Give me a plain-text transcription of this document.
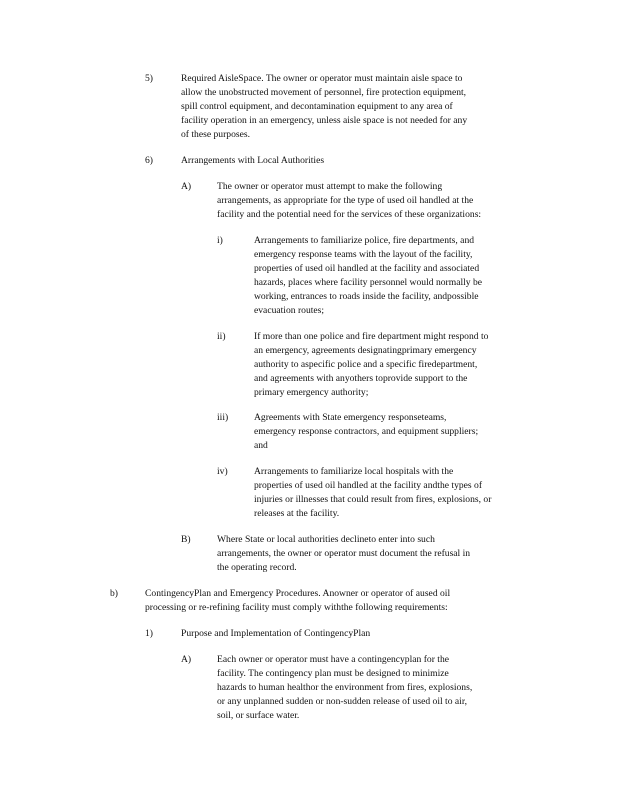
5)	Required AisleSpace. The owner or operator must maintain aisle space to
allow the unobstructed movement of personnel, fire protection equipment,
spill control equipment, and decontamination equipment to any area of
facility operation in an emergency, unless aisle space is not needed for any
of these purposes.
6)	Arrangements with Local Authorities
A)	The owner or operator must attempt to make the following
arrangements, as appropriate for the type of used oil handled at the
facility and the potential need for the services of these organizations:
i)	Arrangements to familiarize police, fire departments, and
emergency response teams with the layout of the facility,
properties of used oil handled at the facility and associated
hazards, places where facility personnel would normally be
working, entrances to roads inside the facility, andpossible
evacuation routes;
ii)	If more than one police and fire department might respond to
an emergency, agreements designatingprimary emergency
authority to aspecific police and a specific firedepartment,
and agreements with anyothers toprovide support to the
primary emergency authority;
iii)	Agreements with State emergency responseteams,
emergency response contractors, and equipment suppliers;
and
iv)	Arrangements to familiarize local hospitals with the
properties of used oil handled at the facility andthe types of
injuries or illnesses that could result from fires, explosions, or
releases at the facility.
B)	Where State or local authorities declineto enter into such
arrangements, the owner or operator must document the refusal in
the operating record.
b)	ContingencyPlan and Emergency Procedures. Anowner or operator of aused oil
processing or re-refining facility must comply withthe following requirements:
1)	Purpose and Implementation of ContingencyPlan
A)	Each owner or operator must have a contingencyplan for the
facility. The contingency plan must be designed to minimize
hazards to human healthor the environment from fires, explosions,
or any unplanned sudden or non-sudden release of used oil to air,
soil, or surface water.
